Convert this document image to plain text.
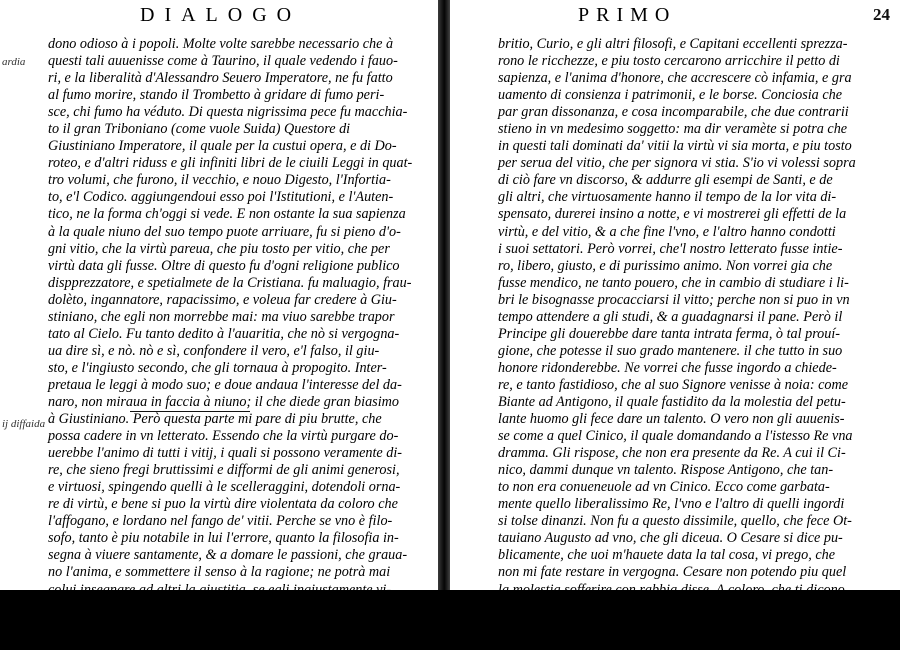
DIALOGO
ardia
ij diffaida
dono odioso à i popoli. Molte volte sarebbe necessario che à
questi tali auuenisse come à Taurino, il quale vedendo i fauo-
ri, e la liberalità d'Alessandro Seuero Imperatore, ne fu fatto
al fumo morire, stando il Trombetto à gridare di fumo peri-
sce, chi fumo ha véduto. Di questa nigrissima pece fu macchia-
to il gran Triboniano (come vuole Suida) Questore di
Giustiniano Imperatore, il quale per la custui opera, e di Do-
roteo, e d'altri riduss e gli infiniti libri de le ciuili Leggi in quat-
tro volumi, che furono, il vecchio, e nouo Digesto, l'Infortia-
to, e'l Codico. aggiungendoui esso poi l'Istitutioni, e l'Auten-
tico, ne la forma ch'oggi si vede. E non ostante la sua sapienza
à la quale niuno del suo tempo puote arriuare, fu si pieno d'o-
gni vitio, che la virtù pareua, che piu tosto per vitio, che per
virtù data gli fusse. Oltre di questo fu d'ogni religione publico
dispprezzatore, e spetialmete de la Cristiana. fu maluagio, frau-
dolèto, ingannatore, rapacissimo, e voleua far credere à Giu-
stiniano, che egli non morrebbe mai: ma viuo sarebbe trapor
tato al Cielo. Fu tanto dedito à l'auaritia, che nò si vergogna-
ua dire sì, e nò. nò e sì, confondere il vero, e'l falso, il giu-
sto, e l'ingiusto secondo, che gli tornaua à propogito. Inter-
pretaua le leggi à modo suo; e doue andaua l'interesse del da-
naro, non miraua in faccia à niuno; il che diede gran biasimo
à Giustiniano. Però questa parte mi pare di piu brutte, che
possa cadere in vn letterato. Essendo che la virtù purgare do-
uerebbe l'animo di tutti i vitij, i quali si possono veramente di-
re, che sieno fregi bruttissimi e difformi de gli animi generosi,
e virtuosi, spingendo quelli à le scelleraggini, dotendoli orna-
re di virtù, e bene si puo la virtù dire violentata da coloro che
l'affogano, e lordano nel fango de' vitii. Perche se vno è filo-
sofo, tanto è piu notabile in lui l'errore, quanto la filosofia in-
segna à viuere santamente, & a domare le passioni, che graua-
no l'anima, e sommettere il senso à la ragione; ne potrà mai
colui insegnare ad altri la giustitia, se egli ingiustamente vi-
ue. e seguita quelle cose, che recano biasimo, e vituperio. Per
questo Anassagora, Socrate, Cratone, Diogene, Fotione, Fab
britio
PRIMO	24
britio, Curio, e gli altri filosofi, e Capitani eccellenti sprezza-
rono le ricchezze, e piu tosto cercarono arricchire il petto di
sapienza, e l'anima d'honore, che accrescere cò infamia, e gra
uamento di consienza i patrimonii, e le borse. Conciosia che
par gran dissonanza, e cosa incomparabile, che due contrarii
stieno in vn medesimo soggetto: ma dir veramète si potra che
in questi tali dominati da' vitii la virtù vi sia morta, e piu tosto
per serua del vitio, che per signora vi stia. S'io vi volessi sopra
di ciò fare vn discorso, & addurre gli esempi de Santi, e de
gli altri, che virtuosamente hanno il tempo de la lor vita di-
spensato, durerei insino a notte, e vi mostrerei gli effetti de la
virtù, e del vitio, & a che fine l'vno, e l'altro hanno condotti
i suoi settatori. Però vorrei, che'l nostro letterato fusse intie-
ro, libero, giusto, e di purissimo animo. Non vorrei gia che
fusse mendico, ne tanto pouero, che in cambio di studiare i li-
bri le bisognasse procacciarsi il vitto; perche non si puo in vn
tempo attendere a gli studi, & a guadagnarsi il pane. Però il
Principe gli douerebbe dare tanta intrata ferma, ò tal prouí-
gione, che potesse il suo grado mantenere. il che tutto in suo
honore ridonderebbe. Ne vorrei che fusse ingordo a chiede-
re, e tanto fastidioso, che al suo Signore venisse à noia: come
Biante ad Antigono, il quale fastidito da la molestia del petu-
lante huomo gli fece dare un talento. O vero non gli auuenis-
se come a quel Cinico, il quale domandando a l'istesso Re vna
dramma. Gli rispose, che non era presente da Re. A cui il Ci-
nico, dammi dunque vn talento. Rispose Antigono, che tan-
to non era conueneuole ad vn Cinico. Ecco come garbata-
mente quello liberalissimo Re, l'vno e l'altro di quelli ingordi
si tolse dinanzi. Non fu a questo dissimile, quello, che fece Ot-
tauiano Augusto ad vno, che gli diceua. O Cesare si dice pu-
blicamente, che uoi m'hauete data la tal cosa, vi prego, che
non mi fate restare in vergogna. Cesare non potendo piu quel
la molestia sofferire con rabbia disse. A coloro, che ti dicono
simil parole di, che non è vero. Molti sono hoggi ne le corti di
Roma letterati, & altri anco, che non par che si possano mai
hauendo
